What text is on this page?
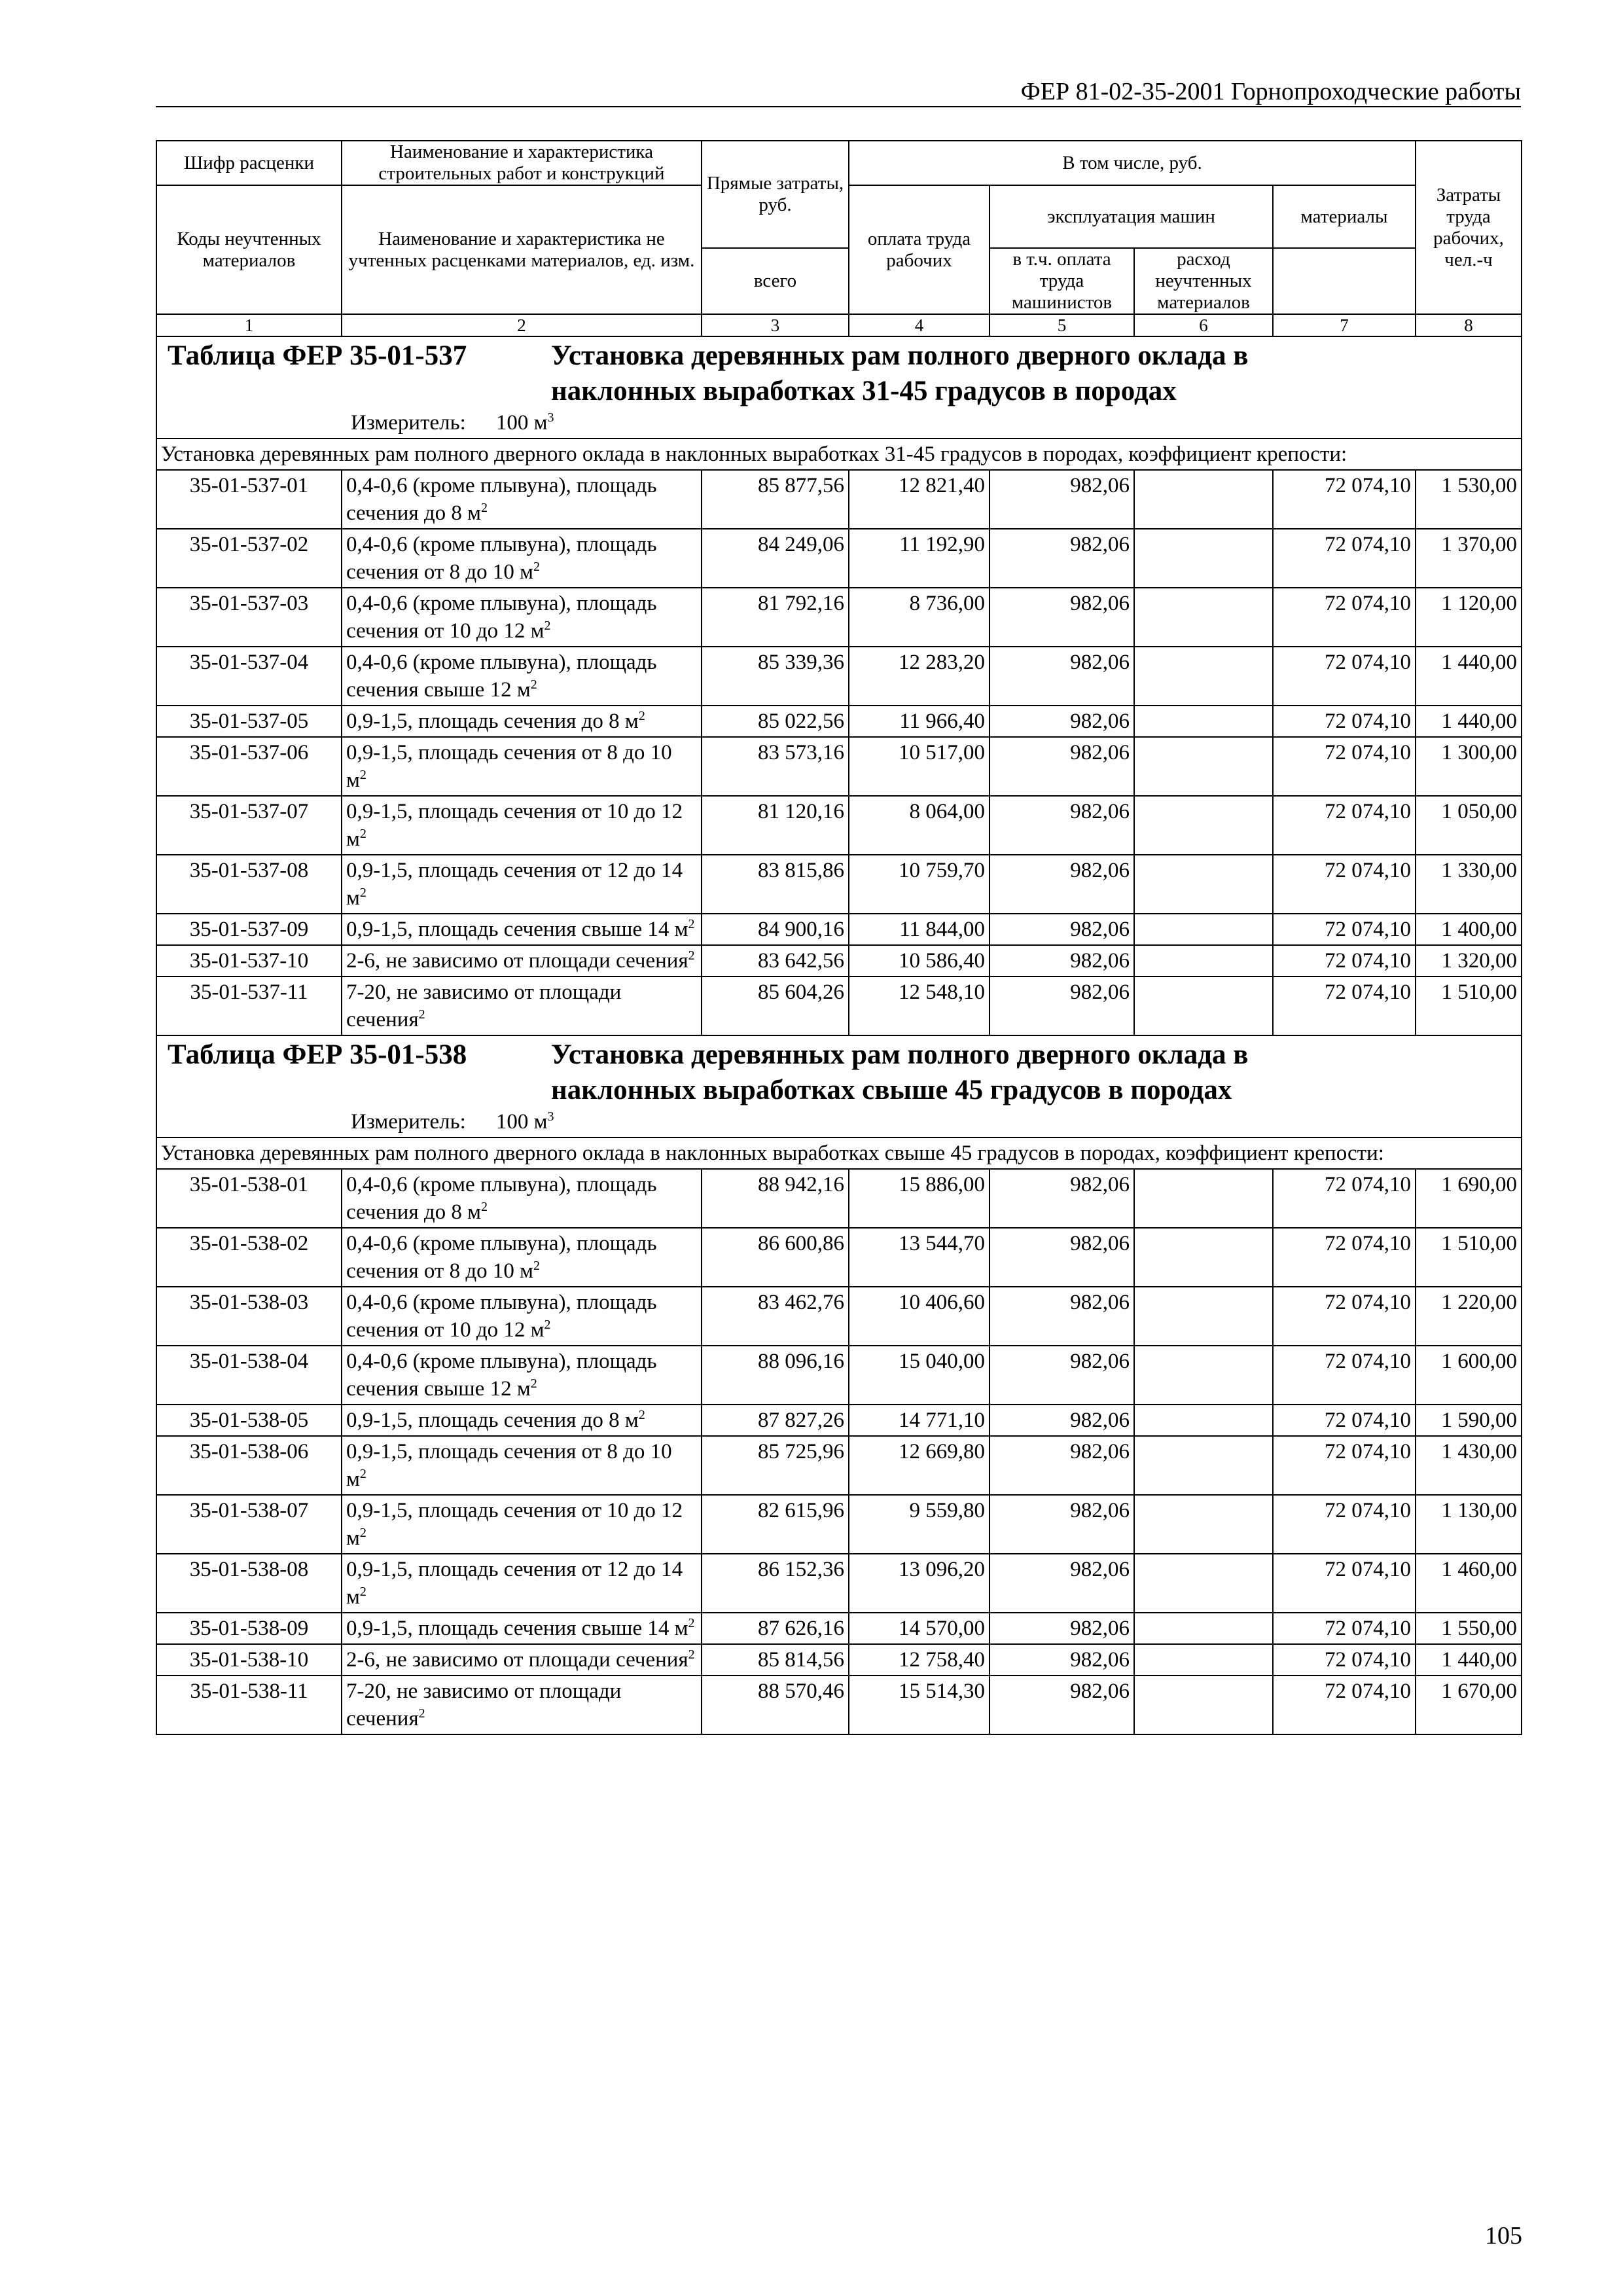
ФЕР 81-02-35-2001 Горнопроходческие работы
Шифр расценки	Наименование и характеристика строительных работ и конструкций	Прямые затраты, руб.	В том числе, руб.				Затраты труда рабочих, чел.-ч
Коды неучтенных материалов	Наименование и характеристика не учтенных расценками материалов, ед. изм.						
			оплата труда рабочих	эксплуатация машин		материалы	
		всего		в т.ч. оплата труда машинистов	расход неучтенных материалов		
1	2	3	4	5	6	7	8

Таблица ФЕР 35-01-537 Установка деревянных рам полного дверного оклада в
наклонных выработках 31-45 градусов в породах
Измеритель: 100 $м^3$

Установка деревянных рам полного дверного оклада в наклонных выработках 31-45 градусов в породах, коэффициент крепости:							
35-01-537-01	0,4-0,6 (кроме плывуна), площадь сечения до 8 $м^2$	85 877,56	12 821,40	982,06		72 074,10	1 530,00
35-01-537-02	0,4-0,6 (кроме плывуна), площадь сечения от 8 до 10 $м^2$	84 249,06	11 192,90	982,06		72 074,10	1 370,00
35-01-537-03	0,4-0,6 (кроме плывуна), площадь сечения от 10 до 12 $м^2$	81 792,16	8 736,00	982,06		72 074,10	1 120,00
35-01-537-04	0,4-0,6 (кроме плывуна), площадь сечения свыше 12 $м^2$	85 339,36	12 283,20	982,06		72 074,10	1 440,00
35-01-537-05	0,9-1,5, площадь сечения до 8 $м^2$	85 022,56	11 966,40	982,06		72 074,10	1 440,00
35-01-537-06	0,9-1,5, площадь сечения от 8 до 10 $м^2$	83 573,16	10 517,00	982,06		72 074,10	1 300,00
35-01-537-07	0,9-1,5, площадь сечения от 10 до 12 $м^2$	81 120,16	8 064,00	982,06		72 074,10	1 050,00
35-01-537-08	0,9-1,5, площадь сечения от 12 до 14 $м^2$	83 815,86	10 759,70	982,06		72 074,10	1 330,00
35-01-537-09	0,9-1,5, площадь сечения свыше 14 $м^2$	84 900,16	11 844,00	982,06		72 074,10	1 400,00
35-01-537-10	2-6, не зависимо от площади сечения$^2$	83 642,56	10 586,40	982,06		72 074,10	1 320,00
35-01-537-11	7-20, не зависимо от площади сечения$^2$	85 604,26	12 548,10	982,06		72 074,10	1 510,00

Таблица ФЕР 35-01-538 Установка деревянных рам полного дверного оклада в
наклонных выработках свыше 45 градусов в породах
Измеритель: 100 $м^3$

Установка деревянных рам полного дверного оклада в наклонных выработках свыше 45 градусов в породах, коэффициент крепости:							
35-01-538-01	0,4-0,6 (кроме плывуна), площадь сечения до 8 $м^2$	88 942,16	15 886,00	982,06		72 074,10	1 690,00
35-01-538-02	0,4-0,6 (кроме плывуна), площадь сечения от 8 до 10 $м^2$	86 600,86	13 544,70	982,06		72 074,10	1 510,00
35-01-538-03	0,4-0,6 (кроме плывуна), площадь сечения от 10 до 12 $м^2$	83 462,76	10 406,60	982,06		72 074,10	1 220,00
35-01-538-04	0,4-0,6 (кроме плывуна), площадь сечения свыше 12 $м^2$	88 096,16	15 040,00	982,06		72 074,10	1 600,00
35-01-538-05	0,9-1,5, площадь сечения до 8 $м^2$	87 827,26	14 771,10	982,06		72 074,10	1 590,00
35-01-538-06	0,9-1,5, площадь сечения от 8 до 10 $м^2$	85 725,96	12 669,80	982,06		72 074,10	1 430,00
35-01-538-07	0,9-1,5, площадь сечения от 10 до 12 $м^2$	82 615,96	9 559,80	982,06		72 074,10	1 130,00
35-01-538-08	0,9-1,5, площадь сечения от 12 до 14 $м^2$	86 152,36	13 096,20	982,06		72 074,10	1 460,00
35-01-538-09	0,9-1,5, площадь сечения свыше 14 $м^2$	87 626,16	14 570,00	982,06		72 074,10	1 550,00
35-01-538-10	2-6, не зависимо от площади сечения$^2$	85 814,56	12 758,40	982,06		72 074,10	1 440,00
35-01-538-11	7-20, не зависимо от площади сечения$^2$	88 570,46	15 514,30	982,06		72 074,10	1 670,00
105
